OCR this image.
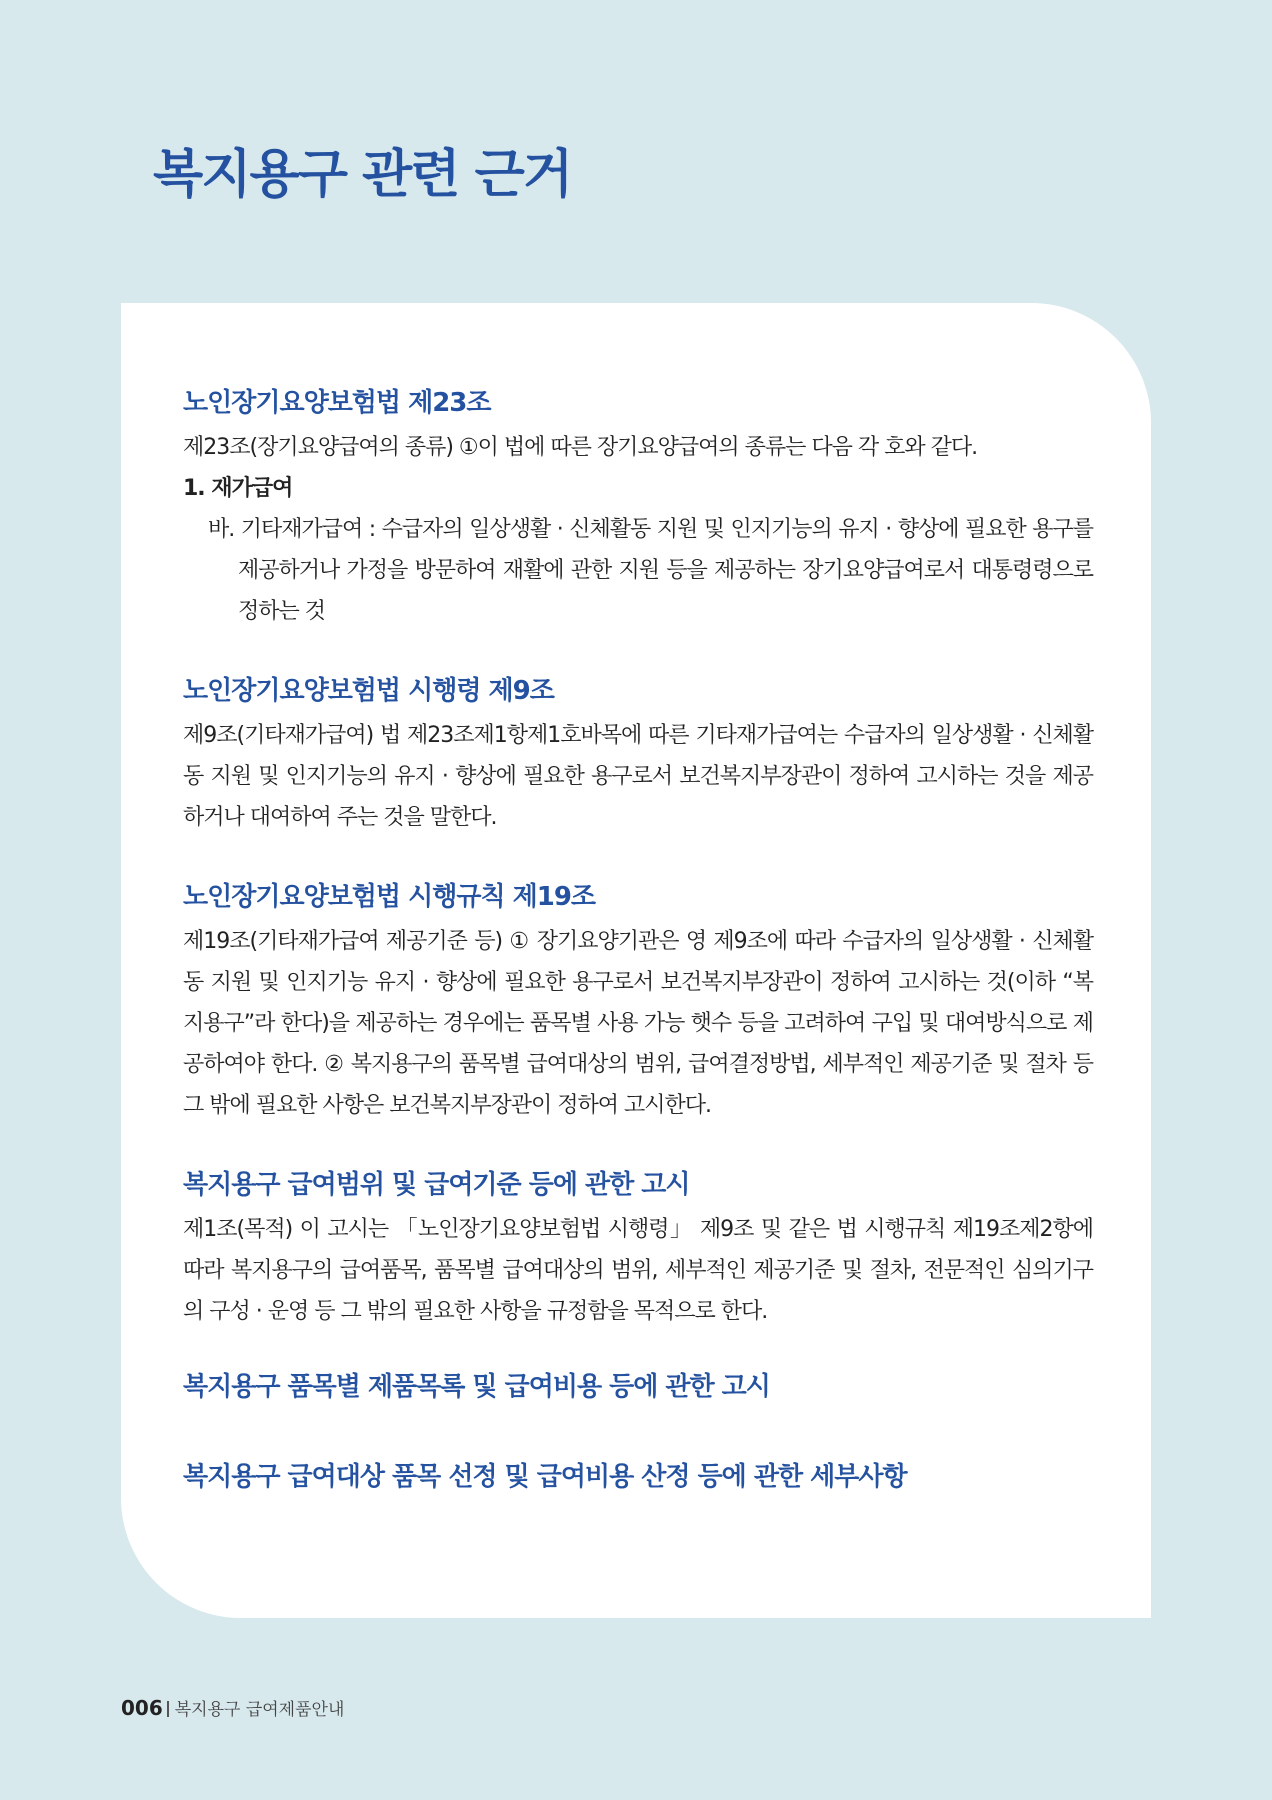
복지용구 관련 근거
노인장기요양보험법 제23조

제23조(장기요양급여의 종류) ①이 법에 따른 장기요양급여의 종류는 다음 각 호와 같다.

1. 재가급여

바. 기타재가급여 : 수급자의 일상생활 · 신체활동 지원 및 인지기능의 유지 · 향상에 필요한 용구를 제공하거나 가정을 방문하여 재활에 관한 지원 등을 제공하는 장기요양급여로서 대통령령으로 정하는 것

노인장기요양보험법 시행령 제9조

제9조(기타재가급여) 법 제23조제1항제1호바목에 따른 기타재가급여는 수급자의 일상생활 · 신체활동 지원 및 인지기능의 유지 · 향상에 필요한 용구로서 보건복지부장관이 정하여 고시하는 것을 제공하거나 대여하여 주는 것을 말한다.

노인장기요양보험법 시행규칙 제19조

제19조(기타재가급여 제공기준 등) ① 장기요양기관은 영 제9조에 따라 수급자의 일상생활 · 신체활동 지원 및 인지기능 유지 · 향상에 필요한 용구로서 보건복지부장관이 정하여 고시하는 것(이하 “복지용구”라 한다)을 제공하는 경우에는 품목별 사용 가능 햇수 등을 고려하여 구입 및 대여방식으로 제공하여야 한다. ② 복지용구의 품목별 급여대상의 범위, 급여결정방법, 세부적인 제공기준 및 절차 등 그 밖에 필요한 사항은 보건복지부장관이 정하여 고시한다.

복지용구 급여범위 및 급여기준 등에 관한 고시

제1조(목적) 이 고시는 「노인장기요양보험법 시행령」 제9조 및 같은 법 시행규칙 제19조제2항에 따라 복지용구의 급여품목, 품목별 급여대상의 범위, 세부적인 제공기준 및 절차, 전문적인 심의기구의 구성 · 운영 등 그 밖의 필요한 사항을 규정함을 목적으로 한다.

복지용구 품목별 제품목록 및 급여비용 등에 관한 고시
복지용구 급여대상 품목 선정 및 급여비용 산정 등에 관한 세부사항
006 복지용구 급여제품안내
